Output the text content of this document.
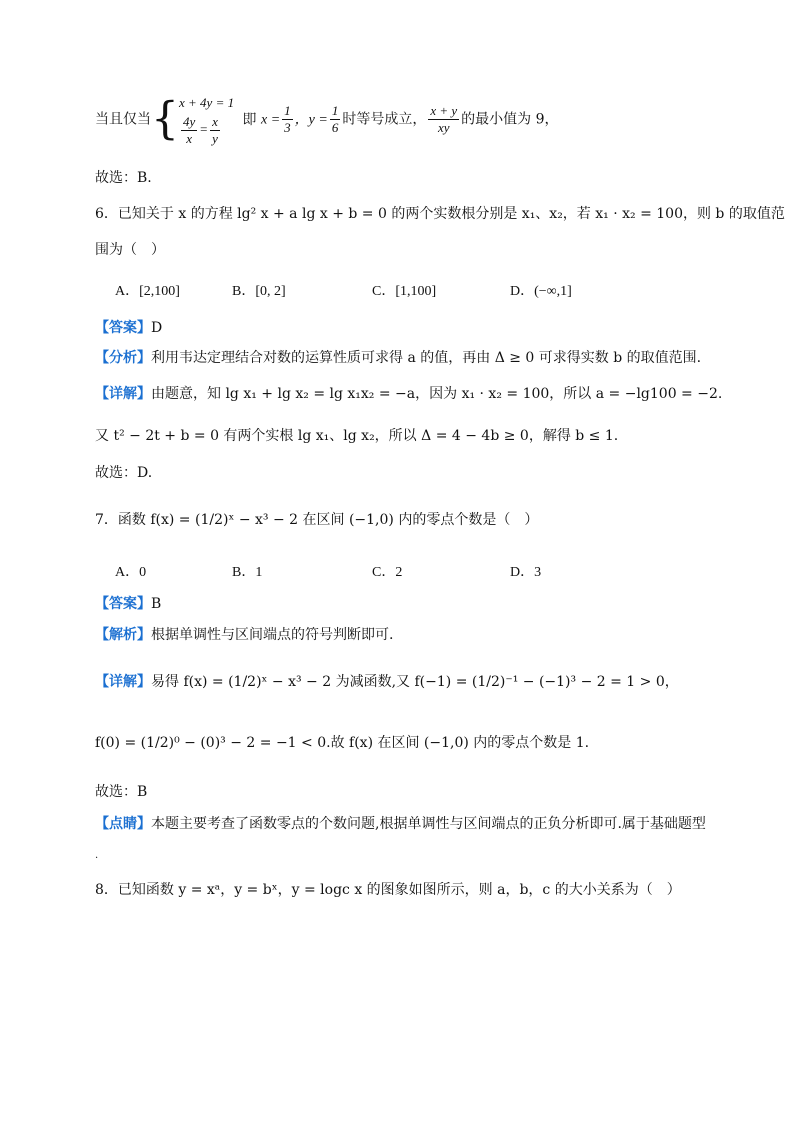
当且仅当{ x + 4y = 1
$\frac{4y}{x} = \frac{x}{y}$ 即 $x = \frac{1}{3}$ ，$y = \frac{1}{6}$ 时等号成立， $\frac{x + y}{xy}$ 的最小值为 9，
故选：B.
6．已知关于 x 的方程 lg² x + a lg x + b = 0 的两个实数根分别是 x₁、x₂，若 x₁ · x₂ = 100，则 b 的取值范
围为（　）
A．[2,100]	B．[0, 2]	C．[1,100]	D．(−∞,1]
【答案】D
【分析】利用韦达定理结合对数的运算性质可求得 a 的值，再由 Δ ≥ 0 可求得实数 b 的取值范围.
【详解】由题意，知 lg x₁ + lg x₂ = lg x₁x₂ = −a，因为 x₁ · x₂ = 100，所以 a = −lg100 = −2.
又 t² − 2t + b = 0 有两个实根 lg x₁、lg x₂，所以 Δ = 4 − 4b ≥ 0，解得 b ≤ 1.
故选：D.
7．函数 f(x) = (1/2)ˣ − x³ − 2 在区间 (−1,0) 内的零点个数是（　）
A．0	B．1	C．2	D．3
【答案】B
【解析】根据单调性与区间端点的符号判断即可.
【详解】易得 f(x) = (1/2)ˣ − x³ − 2 为减函数,又 f(−1) = (1/2)⁻¹ − (−1)³ − 2 = 1 > 0，
f(0) = (1/2)⁰ − (0)³ − 2 = −1 < 0.故 f(x) 在区间 (−1,0) 内的零点个数是 1.
故选：B
【点睛】本题主要考查了函数零点的个数问题,根据单调性与区间端点的正负分析即可.属于基础题型
.
8．已知函数 y = xᵃ，y = bˣ，y = logc x 的图象如图所示，则 a，b，c 的大小关系为（　）
